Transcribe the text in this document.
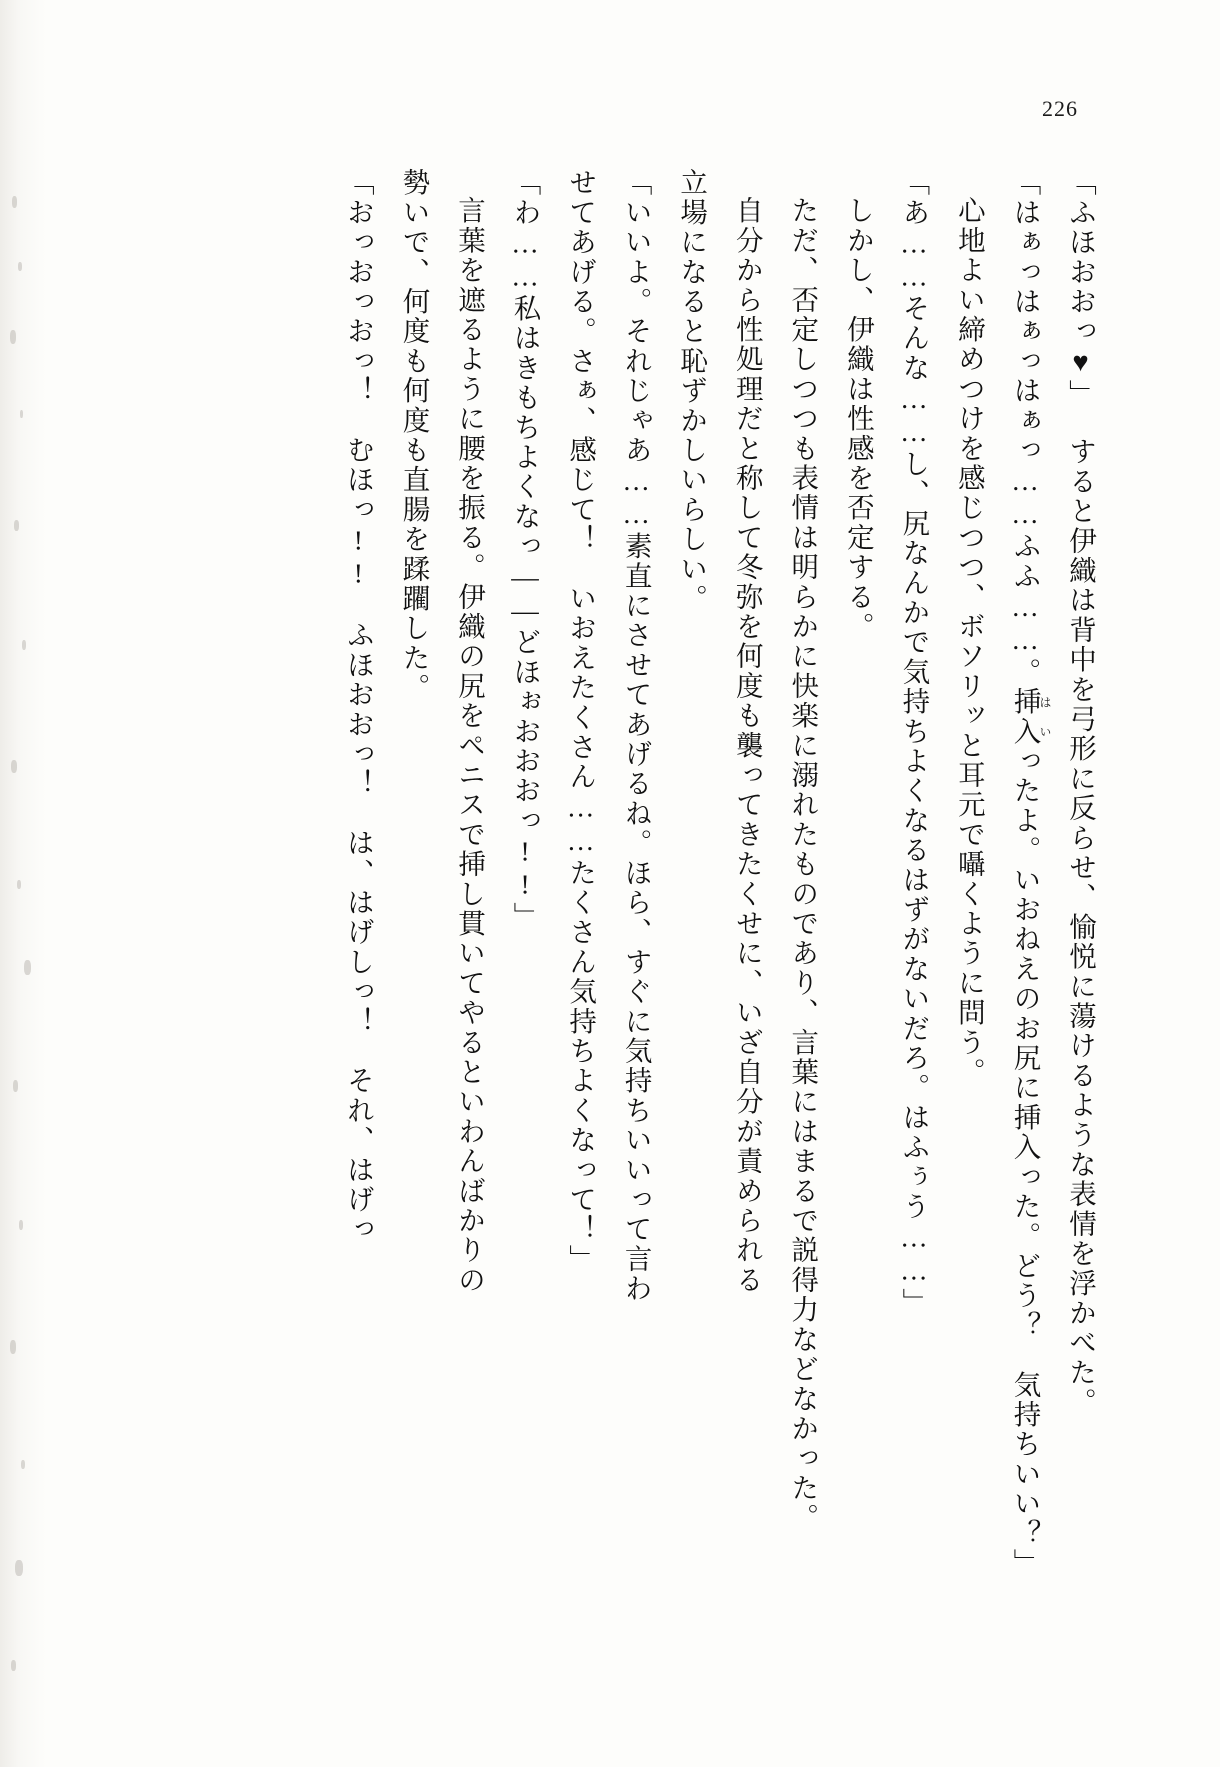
226

「ふほおおっ♥」

すると伊織は背中を弓形に反らせ、愉悦に蕩けるような表情を浮かべた。

「はぁっはぁっはぁっ……ふふ……。挿入はいったよ。いおねえのお尻に挿入った。ど

う？　気持ちいい？」

心地よい締めつけを感じつつ、ボソリッと耳元で囁くように問う。

「あ……そんな……し、尻なんかで気持ちよくなるはずがないだろ。はふぅう……」

しかし、伊織は性感を否定する。

ただ、否定しつつも表情は明らかに快楽に溺れたものであり、言葉にはまるで説得

力などなかった。

自分から性処理だと称して冬弥を何度も襲ってきたくせに、いざ自分が責められる

立場になると恥ずかしいらしい。

「いいよ。それじゃあ……素直にさせてあげるね。ほら、すぐに気持ちいいって言わ

せてあげる。さぁ、感じて！　いおえたくさん……たくさん気持ちよくなって！」

「わ……私はきもちよくなっ――どほぉおおおっ!!」

言葉を遮るように腰を振る。伊織の尻をペニスで挿し貫いてやるといわんばかりの

勢いで、何度も何度も直腸を蹂躙した。

「おっおっおっ！　むほっ!!　ふほおおっ！　は、はげしっ！　それ、はげっ
